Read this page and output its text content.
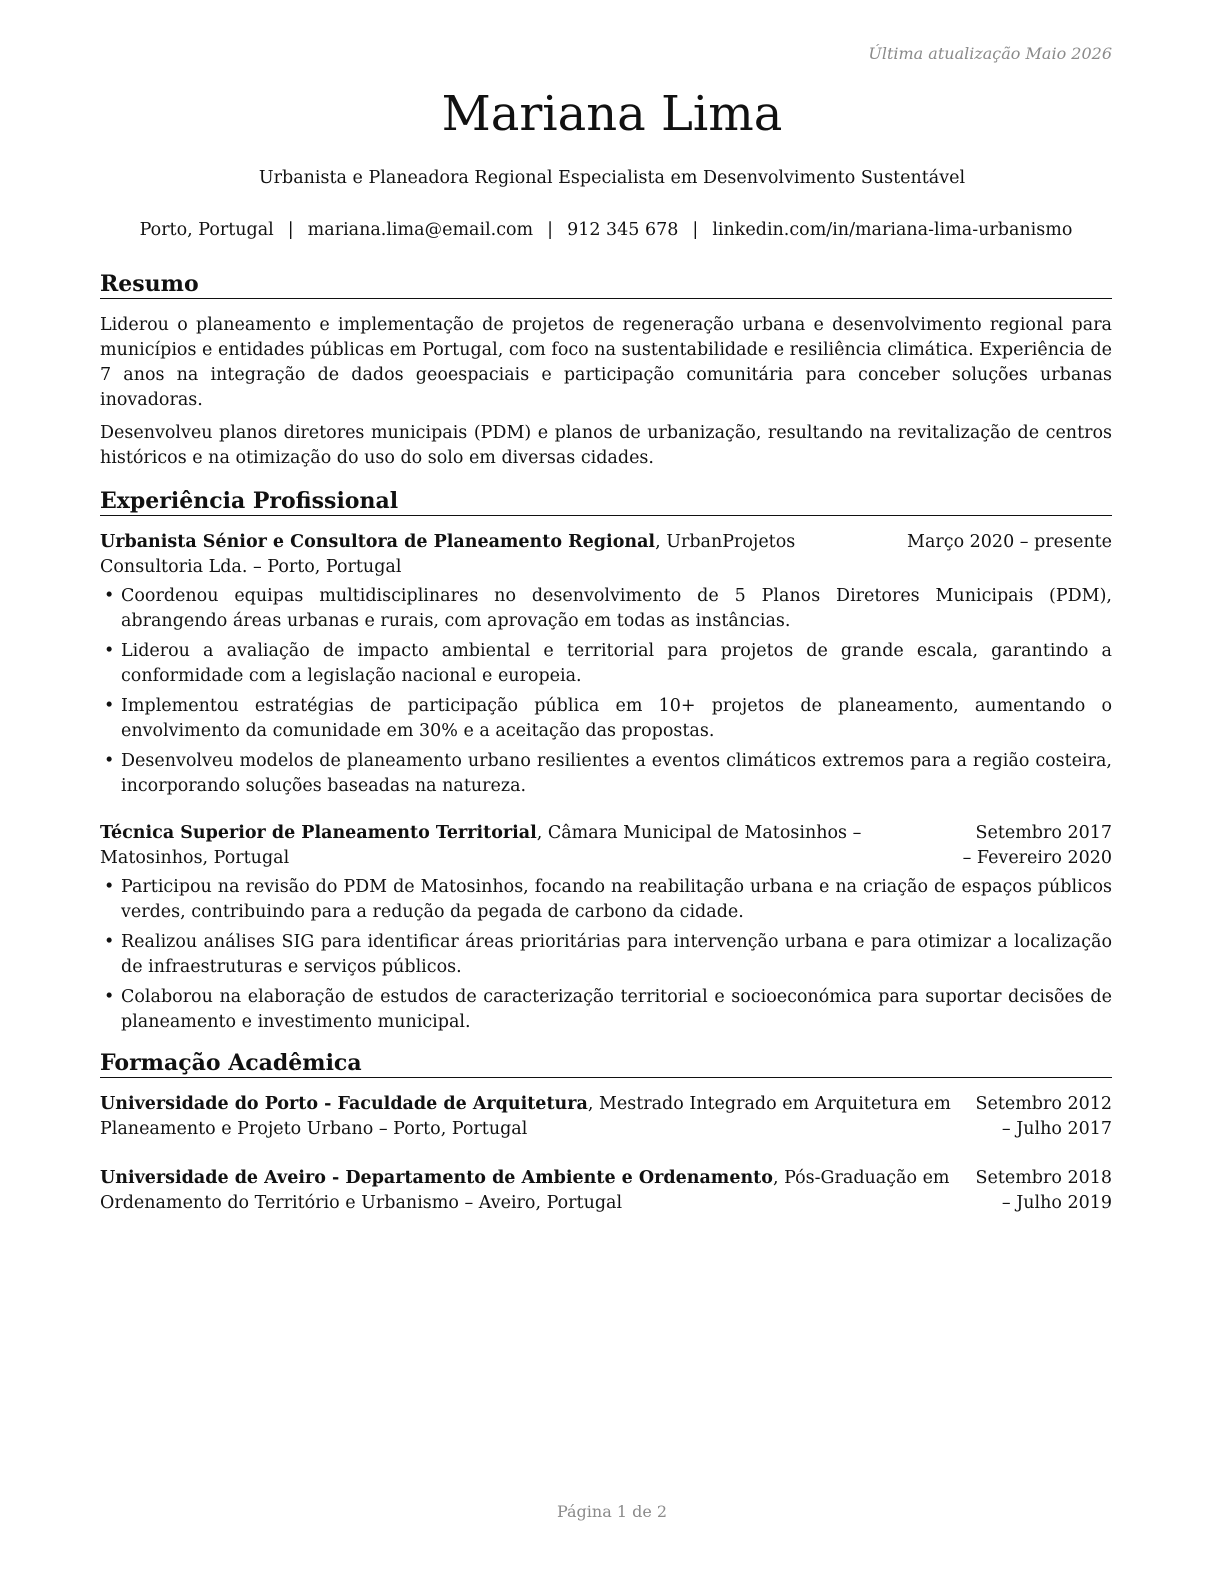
Última atualização Maio 2026
Mariana Lima
Urbanista e Planeadora Regional Especialista em Desenvolvimento Sustentável
Porto, Portugal | mariana.lima@email.com | 912 345 678 | linkedin.com/in/mariana-lima-urbanismo
Resumo

Liderou o planeamento e implementação de projetos de regeneração urbana e desenvolvimento regional para municípios e entidades públicas em Portugal, com foco na sustentabilidade e resiliência climática. Experiência de 7 anos na integração de dados geoespaciais e participação comunitária para conceber soluções urbanas inovadoras.

Desenvolveu planos diretores municipais (PDM) e planos de urbanização, resultando na revitalização de centros históricos e na otimização do uso do solo em diversas cidades.

Experiência Profissional
Urbanista Sénior e Consultora de Planeamento Regional, UrbanProjetos Consultoria Lda. – Porto, Portugal
Março 2020 – presente
• Coordenou equipas multidisciplinares no desenvolvimento de 5 Planos Diretores Municipais (PDM), abrangendo áreas urbanas e rurais, com aprovação em todas as instâncias.
• Liderou a avaliação de impacto ambiental e territorial para projetos de grande escala, garantindo a conformidade com a legislação nacional e europeia.
• Implementou estratégias de participação pública em 10+ projetos de planeamento, aumentando o envolvimento da comunidade em 30% e a aceitação das propostas.
• Desenvolveu modelos de planeamento urbano resilientes a eventos climáticos extremos para a região costeira, incorporando soluções baseadas na natureza.
Técnica Superior de Planeamento Territorial, Câmara Municipal de Matosinhos – Matosinhos, Portugal
Setembro 2017 – Fevereiro 2020
• Participou na revisão do PDM de Matosinhos, focando na reabilitação urbana e na criação de espaços públicos verdes, contribuindo para a redução da pegada de carbono da cidade.
• Realizou análises SIG para identificar áreas prioritárias para intervenção urbana e para otimizar a localização de infraestruturas e serviços públicos.
• Colaborou na elaboração de estudos de caracterização territorial e socioeconómica para suportar decisões de planeamento e investimento municipal.
Formação Acadêmica
Universidade do Porto - Faculdade de Arquitetura, Mestrado Integrado em Arquitetura em Planeamento e Projeto Urbano – Porto, Portugal
Setembro 2012 – Julho 2017
Universidade de Aveiro - Departamento de Ambiente e Ordenamento, Pós-Graduação em Ordenamento do Território e Urbanismo – Aveiro, Portugal
Setembro 2018 – Julho 2019
Página 1 de 2
